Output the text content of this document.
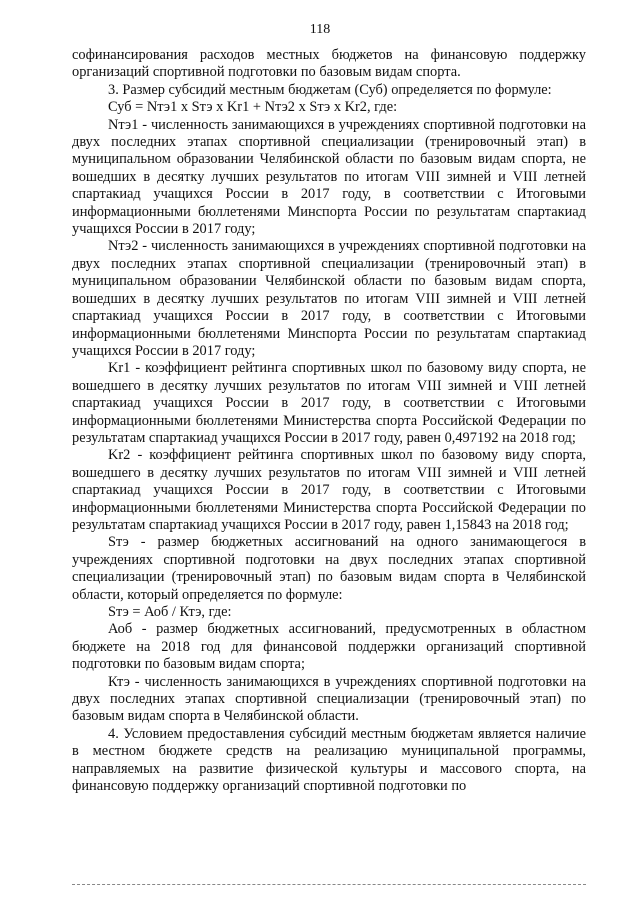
118

софинансирования расходов местных бюджетов на финансовую поддержку организаций спортивной подготовки по базовым видам спорта.

3. Размер субсидий местным бюджетам (Суб) определяется по формуле:

Суб = Nтэ1 x Sтэ x Kr1 + Nтэ2 x Sтэ x Kr2, где:

Nтэ1 - численность занимающихся в учреждениях спортивной подготовки на двух последних этапах спортивной специализации (тренировочный этап) в муниципальном образовании Челябинской области по базовым видам спорта, не вошедших в десятку лучших результатов по итогам VIII зимней и VIII летней спартакиад учащихся России в 2017 году, в соответствии с Итоговыми информационными бюллетенями Минспорта России по результатам спартакиад учащихся России в 2017 году;

Nтэ2 - численность занимающихся в учреждениях спортивной подготовки на двух последних этапах спортивной специализации (тренировочный этап) в муниципальном образовании Челябинской области по базовым видам спорта, вошедших в десятку лучших результатов по итогам VIII зимней и VIII летней спартакиад учащихся России в 2017 году, в соответствии с Итоговыми информационными бюллетенями Минспорта России по результатам спартакиад учащихся России в 2017 году;

Kr1 - коэффициент рейтинга спортивных школ по базовому виду спорта, не вошедшего в десятку лучших результатов по итогам VIII зимней и VIII летней спартакиад учащихся России в 2017 году, в соответствии с Итоговыми информационными бюллетенями Министерства спорта Российской Федерации по результатам спартакиад учащихся России в 2017 году, равен 0,497192 на 2018 год;

Kr2 - коэффициент рейтинга спортивных школ по базовому виду спорта, вошедшего в десятку лучших результатов по итогам VIII зимней и VIII летней спартакиад учащихся России в 2017 году, в соответствии с Итоговыми информационными бюллетенями Министерства спорта Российской Федерации по результатам спартакиад учащихся России в 2017 году, равен 1,15843 на 2018 год;

Sтэ - размер бюджетных ассигнований на одного занимающегося в учреждениях спортивной подготовки на двух последних этапах спортивной специализации (тренировочный этап) по базовым видам спорта в Челябинской области, который определяется по формуле:

Sтэ = Аоб / Ктэ, где:

Аоб - размер бюджетных ассигнований, предусмотренных в областном бюджете на 2018 год для финансовой поддержки организаций спортивной подготовки по базовым видам спорта;

Ктэ - численность занимающихся в учреждениях спортивной подготовки на двух последних этапах спортивной специализации (тренировочный этап) по базовым видам спорта в Челябинской области.

4. Условием предоставления субсидий местным бюджетам является наличие в местном бюджете средств на реализацию муниципальной программы, направляемых на развитие физической культуры и массового спорта, на финансовую поддержку организаций спортивной подготовки по
